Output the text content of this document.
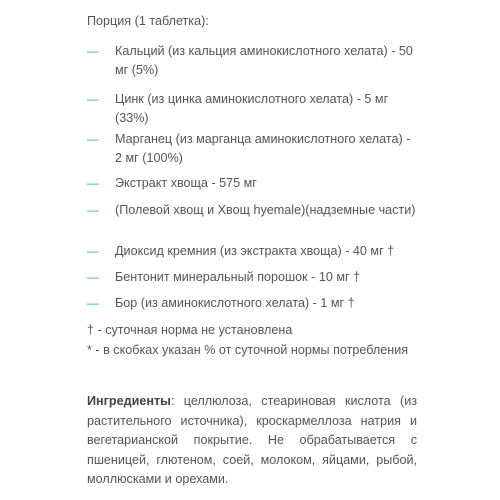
Порция (1 таблетка):

— Кальций (из кальция аминокислотного хелата) - 50 мг (5%)
— Цинк (из цинка аминокислотного хелата) - 5 мг (33%)
— Марганец (из марганца аминокислотного хелата) - 2 мг (100%)
— Экстракт хвоща - 575 мг
— (Полевой хвощ и Хвощ hyemale)(надземные части)
— Диоксид кремния (из экстракта хвоща) - 40 мг †
— Бентонит минеральный порошок - 10 мг †
— Бор (из аминокислотного хелата) - 1 мг †

† - суточная норма не установлена

* - в скобках указан % от суточной нормы потребления

Ингредиенты: целлюлоза, стеариновая кислота (из растительного источника), кроскармеллоза натрия и вегетарианской покрытие. Не обрабатывается с пшеницей, глютеном, соей, молоком, яйцами, рыбой, моллюсками и орехами.
